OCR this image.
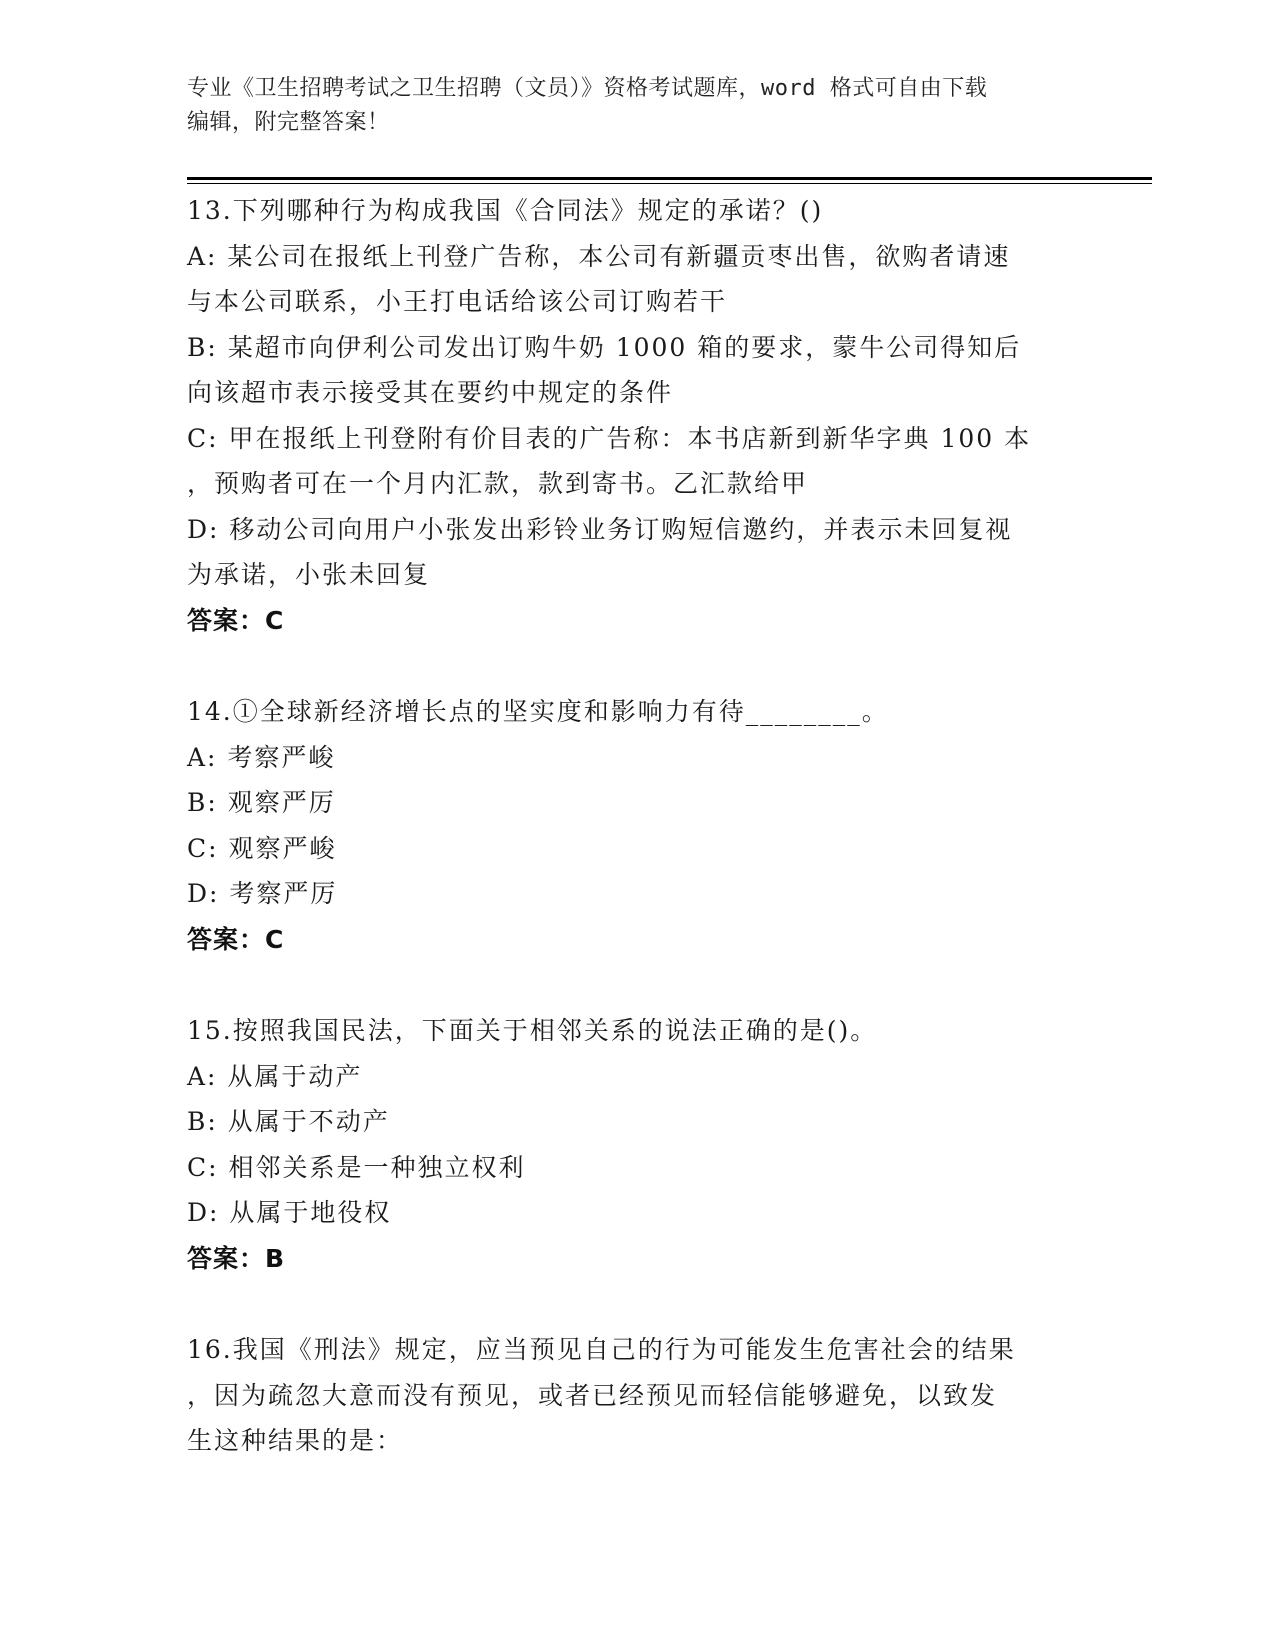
专业《卫生招聘考试之卫生招聘（文员）》资格考试题库，word 格式可自由下载
编辑，附完整答案！
13.下列哪种行为构成我国《合同法》规定的承诺？()
A: 某公司在报纸上刊登广告称，本公司有新疆贡枣出售，欲购者请速
与本公司联系，小王打电话给该公司订购若干
B: 某超市向伊利公司发出订购牛奶 1000 箱的要求，蒙牛公司得知后
向该超市表示接受其在要约中规定的条件
C: 甲在报纸上刊登附有价目表的广告称：本书店新到新华字典 100 本
，预购者可在一个月内汇款，款到寄书。乙汇款给甲
D: 移动公司向用户小张发出彩铃业务订购短信邀约，并表示未回复视
为承诺，小张未回复
答案：C
14.①全球新经济增长点的坚实度和影响力有待________。
A: 考察严峻
B: 观察严厉
C: 观察严峻
D: 考察严厉
答案：C
15.按照我国民法，下面关于相邻关系的说法正确的是()。
A: 从属于动产
B: 从属于不动产
C: 相邻关系是一种独立权利
D: 从属于地役权
答案：B
16.我国《刑法》规定，应当预见自己的行为可能发生危害社会的结果
，因为疏忽大意而没有预见，或者已经预见而轻信能够避免，以致发
生这种结果的是：
